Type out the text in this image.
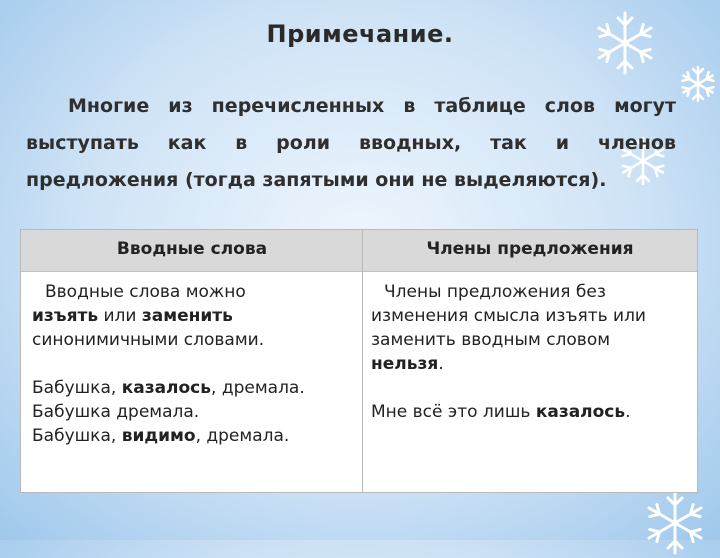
Примечание.

Многие из перечисленных в таблице слов могут выступать как в роли вводных, так и членов предложения (тогда запятыми они не выделяются).

Вводные слова	Члены предложения

Вводные слова можно

изъять или заменить

синонимичными словами.

Бабушка, казалось, дремала.

Бабушка дремала.

Бабушка, видимо, дремала.

Члены предложения без

изменения смысла изъять или

заменить вводным словом

нельзя.

Мне всё это лишь казалось.
